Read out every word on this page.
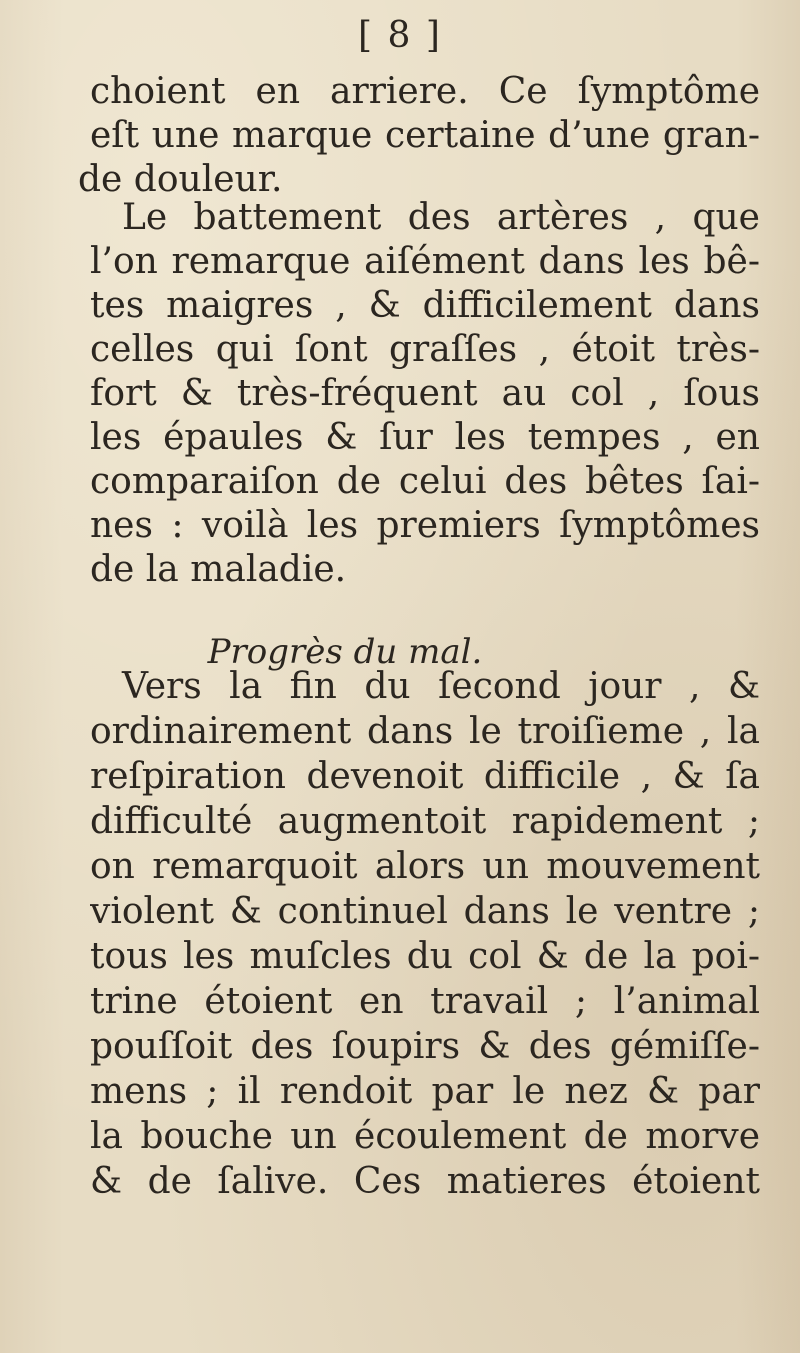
[ 8 ]
choient en arriere. Ce ſymptôme
eſt une marque certaine d’une gran-
de douleur.
Le battement des artères , que
l’on remarque aiſément dans les bê-
tes maigres , & difficilement dans
celles qui ſont graſſes , étoit très-
fort & très-fréquent au col , ſous
les épaules & ſur les tempes , en
comparaiſon de celui des bêtes ſai-
nes : voilà les premiers ſymptômes
de la maladie.
Progrès du mal.
Vers la fin du ſecond jour , &
ordinairement dans le troiſieme , la
reſpiration devenoit difficile , & ſa
difficulté augmentoit rapidement ;
on remarquoit alors un mouvement
violent & continuel dans le ventre ;
tous les muſcles du col & de la poi-
trine étoient en travail ; l’animal
pouſſoit des ſoupirs & des gémiſſe-
mens ; il rendoit par le nez & par
la bouche un écoulement de morve
& de ſalive. Ces matieres étoient
